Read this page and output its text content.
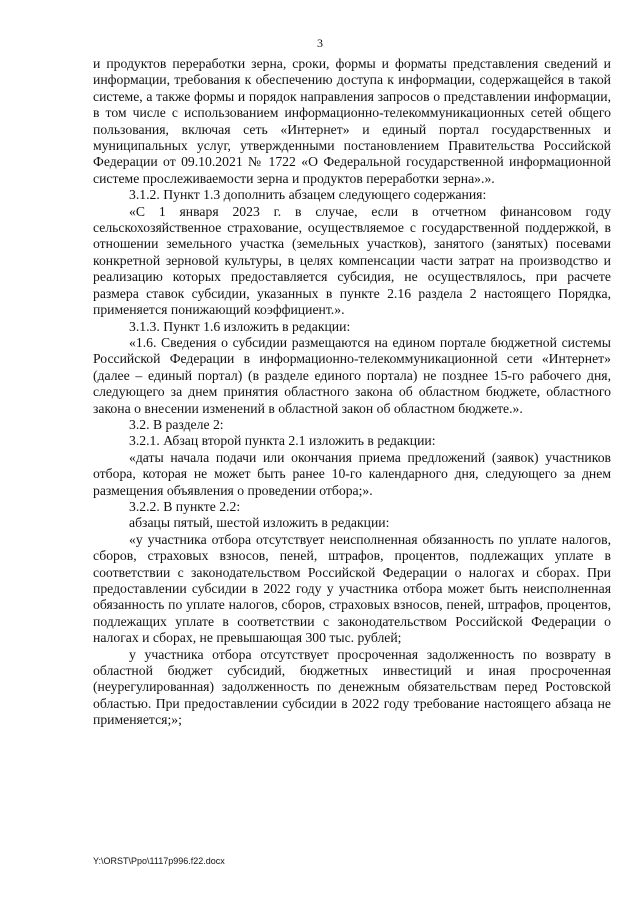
3

и продуктов переработки зерна, сроки, формы и форматы представления сведений и информации, требования к обеспечению доступа к информации, содержащейся в такой системе, а также формы и порядок направления запросов о представлении информации, в том числе с использованием информационно-телекоммуникационных сетей общего пользования, включая сеть «Интернет» и единый портал государственных и муниципальных услуг, утвержденными постановлением Правительства Российской Федерации от 09.10.2021 № 1722 «О Федеральной государственной информационной системе прослеживаемости зерна и продуктов переработки зерна».».

3.1.2. Пункт 1.3 дополнить абзацем следующего содержания:

«С 1 января 2023 г. в случае, если в отчетном финансовом году сельскохозяйственное страхование, осуществляемое с государственной поддержкой, в отношении земельного участка (земельных участков), занятого (занятых) посевами конкретной зерновой культуры, в целях компенсации части затрат на производство и реализацию которых предоставляется субсидия, не осуществлялось, при расчете размера ставок субсидии, указанных в пункте 2.16 раздела 2 настоящего Порядка, применяется понижающий коэффициент.».

3.1.3. Пункт 1.6 изложить в редакции:

«1.6. Сведения о субсидии размещаются на едином портале бюджетной системы Российской Федерации в информационно-телекоммуникационной сети «Интернет» (далее – единый портал) (в разделе единого портала) не позднее 15-го рабочего дня, следующего за днем принятия областного закона об областном бюджете, областного закона о внесении изменений в областной закон об областном бюджете.».

3.2. В разделе 2:

3.2.1. Абзац второй пункта 2.1 изложить в редакции:

«даты начала подачи или окончания приема предложений (заявок) участников отбора, которая не может быть ранее 10-го календарного дня, следующего за днем размещения объявления о проведении отбора;».

3.2.2. В пункте 2.2:

абзацы пятый, шестой изложить в редакции:

«у участника отбора отсутствует неисполненная обязанность по уплате налогов, сборов, страховых взносов, пеней, штрафов, процентов, подлежащих уплате в соответствии с законодательством Российской Федерации о налогах и сборах. При предоставлении субсидии в 2022 году у участника отбора может быть неисполненная обязанность по уплате налогов, сборов, страховых взносов, пеней, штрафов, процентов, подлежащих уплате в соответствии с законодательством Российской Федерации о налогах и сборах, не превышающая 300 тыс. рублей;

у участника отбора отсутствует просроченная задолженность по возврату в областной бюджет субсидий, бюджетных инвестиций и иная просроченная (неурегулированная) задолженность по денежным обязательствам перед Ростовской областью. При предоставлении субсидии в 2022 году требование настоящего абзаца не применяется;»;

Y:\ORST\Ppo\1117p996.f22.docx
